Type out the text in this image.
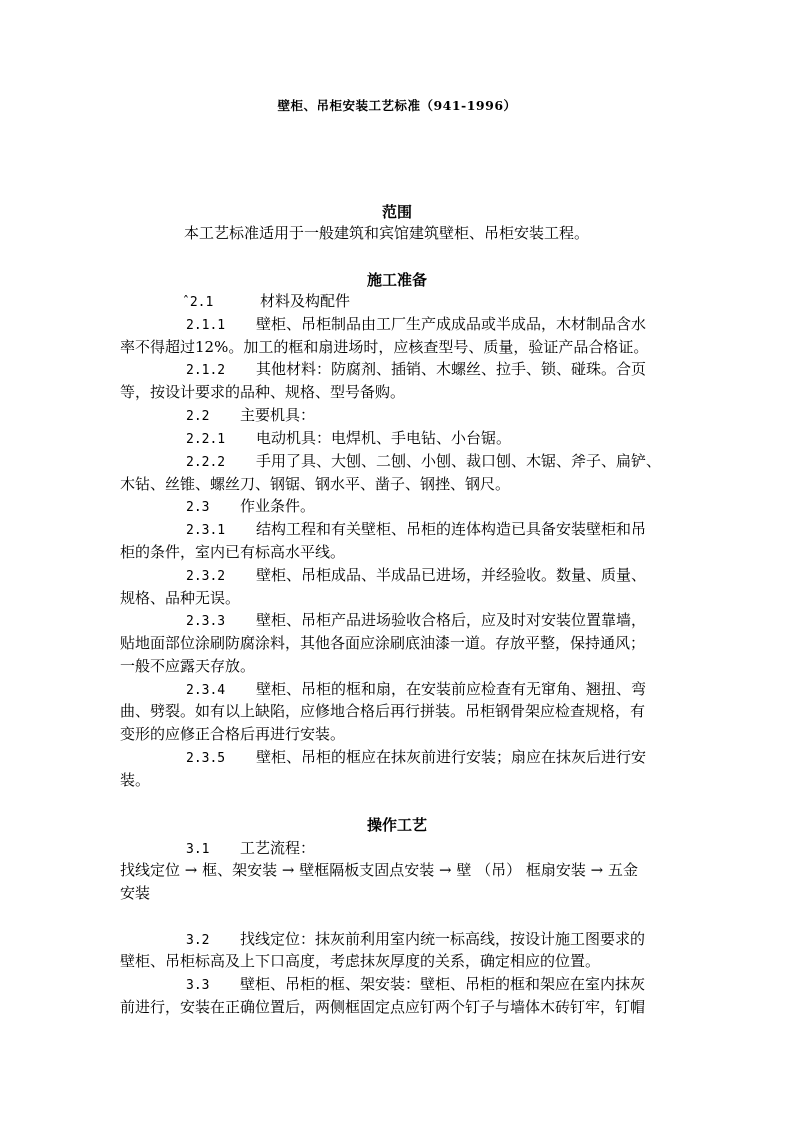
壁柜、吊柜安装工艺标准（941-1996）
范围
本工艺标准适用于一般建筑和宾馆建筑壁柜、吊柜安装工程。
施工准备
ˆ2.1	材料及构配件
2.1.1 壁柜、吊柜制品由工厂生产成成品或半成品，木材制品含水
率不得超过12%。加工的框和扇进场时，应核查型号、质量，验证产品合格证。
2.1.2 其他材料：防腐剂、插销、木螺丝、拉手、锁、碰珠。合页
等，按设计要求的品种、规格、型号备购。
2.2 主要机具：
2.2.1 电动机具：电焊机、手电钻、小台锯。
2.2.2 手用了具、大刨、二刨、小刨、裁口刨、木锯、斧子、扁铲、
木钻、丝锥、螺丝刀、钢锯、钢水平、凿子、钢挫、钢尺。
2.3 作业条件。
2.3.1 结构工程和有关壁柜、吊柜的连体构造已具备安装壁柜和吊
柜的条件，室内已有标高水平线。
2.3.2 壁柜、吊柜成品、半成品已进场，并经验收。数量、质量、
规格、品种无误。
2.3.3 壁柜、吊柜产品进场验收合格后，应及时对安装位置靠墙，
贴地面部位涂刷防腐涂料，其他各面应涂刷底油漆一道。存放平整，保持通风；
一般不应露天存放。
2.3.4 壁柜、吊柜的框和扇，在安装前应检查有无窜角、翘扭、弯
曲、劈裂。如有以上缺陷，应修地合格后再行拼装。吊柜钢骨架应检查规格，有
变形的应修正合格后再进行安装。
2.3.5 壁柜、吊柜的框应在抹灰前进行安装；扇应在抹灰后进行安
装。
操作工艺
3.1 工艺流程：
找线定位 → 框、架安装 → 壁框隔板支固点安装 → 壁 （吊） 框扇安装 → 五金
安装
3.2 找线定位：抹灰前利用室内统一标高线，按设计施工图要求的
壁柜、吊柜标高及上下口高度，考虑抹灰厚度的关系，确定相应的位置。
3.3 壁柜、吊柜的框、架安装：壁柜、吊柜的框和架应在室内抹灰
前进行，安装在正确位置后，两侧框固定点应钉两个钉子与墙体木砖钉牢，钉帽
